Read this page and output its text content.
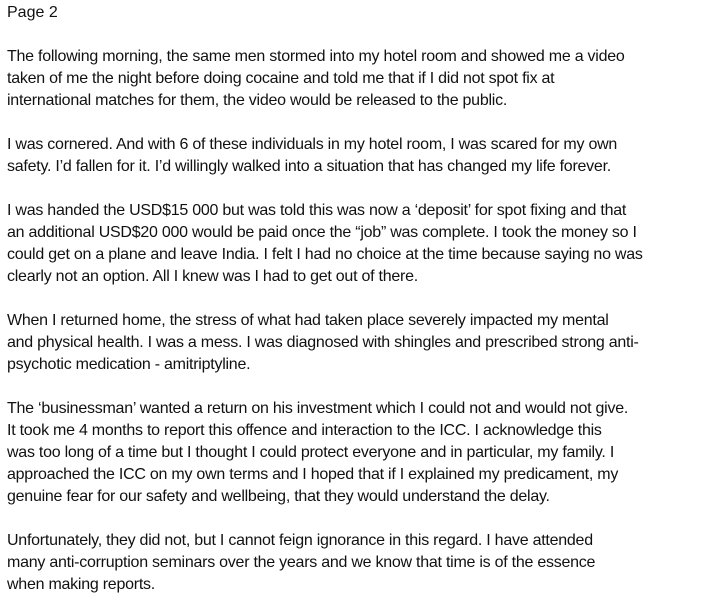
Page 2
The following morning, the same men stormed into my hotel room and showed me a video
taken of me the night before doing cocaine and told me that if I did not spot fix at
international matches for them, the video would be released to the public.
I was cornered. And with 6 of these individuals in my hotel room, I was scared for my own
safety. I’d fallen for it. I’d willingly walked into a situation that has changed my life forever.
I was handed the USD$15 000 but was told this was now a ‘deposit’ for spot fixing and that
an additional USD$20 000 would be paid once the “job” was complete. I took the money so I
could get on a plane and leave India. I felt I had no choice at the time because saying no was
clearly not an option. All I knew was I had to get out of there.
When I returned home, the stress of what had taken place severely impacted my mental
and physical health. I was a mess. I was diagnosed with shingles and prescribed strong anti-
psychotic medication - amitriptyline.
The ‘businessman’ wanted a return on his investment which I could not and would not give.
It took me 4 months to report this offence and interaction to the ICC. I acknowledge this
was too long of a time but I thought I could protect everyone and in particular, my family. I
approached the ICC on my own terms and I hoped that if I explained my predicament, my
genuine fear for our safety and wellbeing, that they would understand the delay.
Unfortunately, they did not, but I cannot feign ignorance in this regard. I have attended
many anti-corruption seminars over the years and we know that time is of the essence
when making reports.
